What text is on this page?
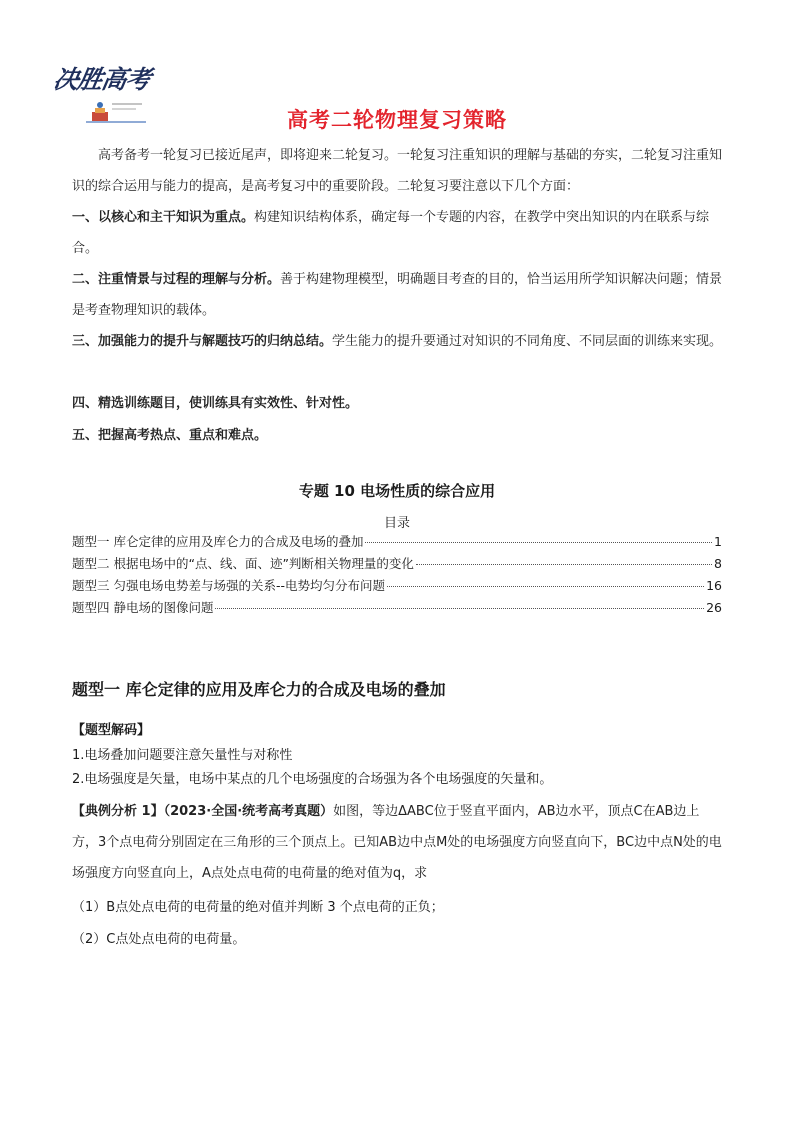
决胜高考
高考二轮物理复习策略
高考备考一轮复习已接近尾声，即将迎来二轮复习。一轮复习注重知识的理解与基础的夯实，二轮复习注重知识的综合运用与能力的提高，是高考复习中的重要阶段。二轮复习要注意以下几个方面：
一、以核心和主干知识为重点。构建知识结构体系，确定每一个专题的内容，在教学中突出知识的内在联系与综合。
二、注重情景与过程的理解与分析。善于构建物理模型，明确题目考查的目的，恰当运用所学知识解决问题；情景是考查物理知识的载体。
三、加强能力的提升与解题技巧的归纳总结。学生能力的提升要通过对知识的不同角度、不同层面的训练来实现。
四、精选训练题目，使训练具有实效性、针对性。
五、把握高考热点、重点和难点。
专题 10 电场性质的综合应用
目录
题型一 库仑定律的应用及库仑力的合成及电场的叠加	1
题型二 根据电场中的“点、线、面、迹”判断相关物理量的变化	8
题型三 匀强电场电势差与场强的关系--电势均匀分布问题	16
题型四 静电场的图像问题	26
题型一 库仑定律的应用及库仑力的合成及电场的叠加
【题型解码】
1.电场叠加问题要注意矢量性与对称性
2.电场强度是矢量，电场中某点的几个电场强度的合场强为各个电场强度的矢量和。
【典例分析 1】（2023·全国·统考高考真题）如图，等边ΔABC位于竖直平面内，AB边水平，顶点C在AB边上方，3个点电荷分别固定在三角形的三个顶点上。已知AB边中点M处的电场强度方向竖直向下，BC边中点N处的电场强度方向竖直向上，A点处点电荷的电荷量的绝对值为q，求
（1）B点处点电荷的电荷量的绝对值并判断 3 个点电荷的正负；
（2）C点处点电荷的电荷量。
